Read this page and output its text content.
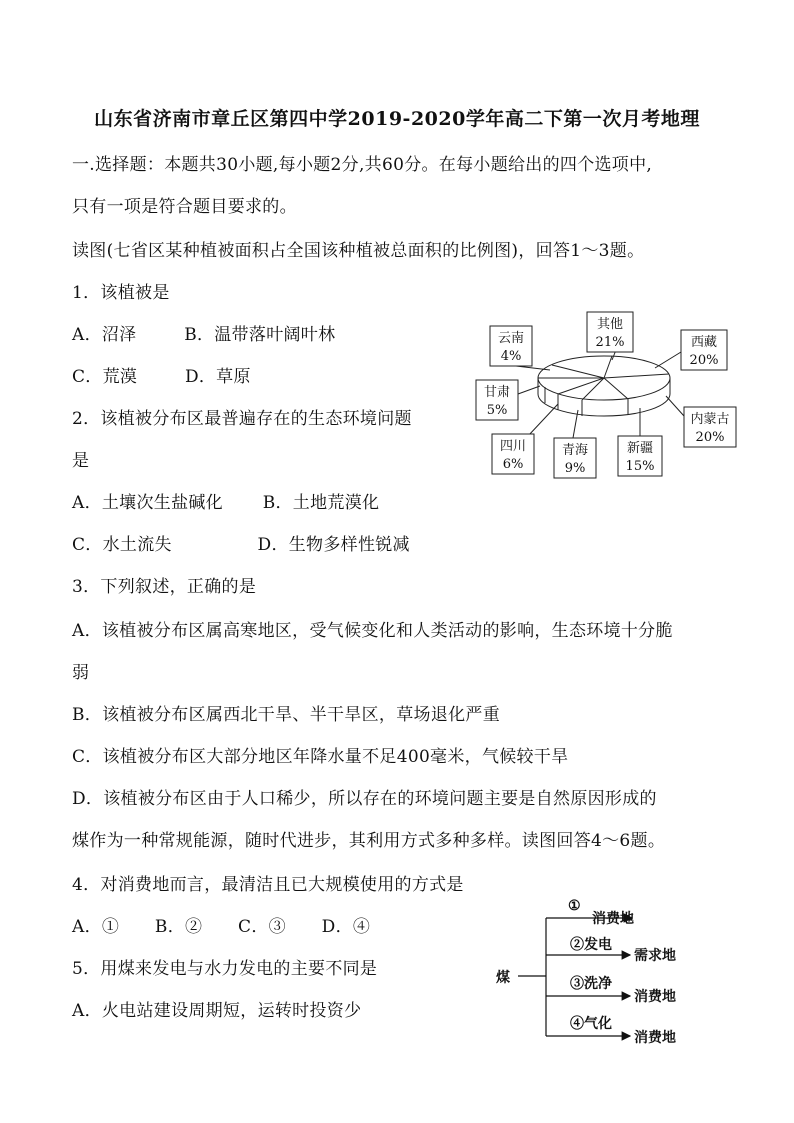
山东省济南市章丘区第四中学2019-2020学年高二下第一次月考地理
一.选择题：本题共30小题,每小题2分,共60分。在每小题给出的四个选项中,
只有一项是符合题目要求的。
读图(七省区某种植被面积占全国该种植被总面积的比例图)，回答1～3题。
1．该植被是
A．沼泽	B．温带落叶阔叶林
C．荒漠	D．草原
2．该植被分布区最普遍存在的生态环境问题
是
A．土壤次生盐碱化 B．土地荒漠化
C．水土流失	D．生物多样性锐减
3．下列叙述，正确的是
A．该植被分布区属高寒地区，受气候变化和人类活动的影响，生态环境十分脆
弱
B．该植被分布区属西北干旱、半干旱区，草场退化严重
C．该植被分布区大部分地区年降水量不足400毫米，气候较干旱
D．该植被分布区由于人口稀少，所以存在的环境问题主要是自然原因形成的
煤作为一种常规能源，随时代进步，其利用方式多种多样。读图回答4～6题。
4．对消费地而言，最清洁且已大规模使用的方式是
A．① B．② C．③ D．④
5．用煤来发电与水力发电的主要不同是
A．火电站建设周期短，运转时投资少
云南
4%
其他
21%	西藏
20%
甘肃
5%
内蒙古
20%
四川
6%
青海
9%
新疆
15%
煤
①
消费地
②发电
需求地
③洗净
消费地
④气化
消费地
